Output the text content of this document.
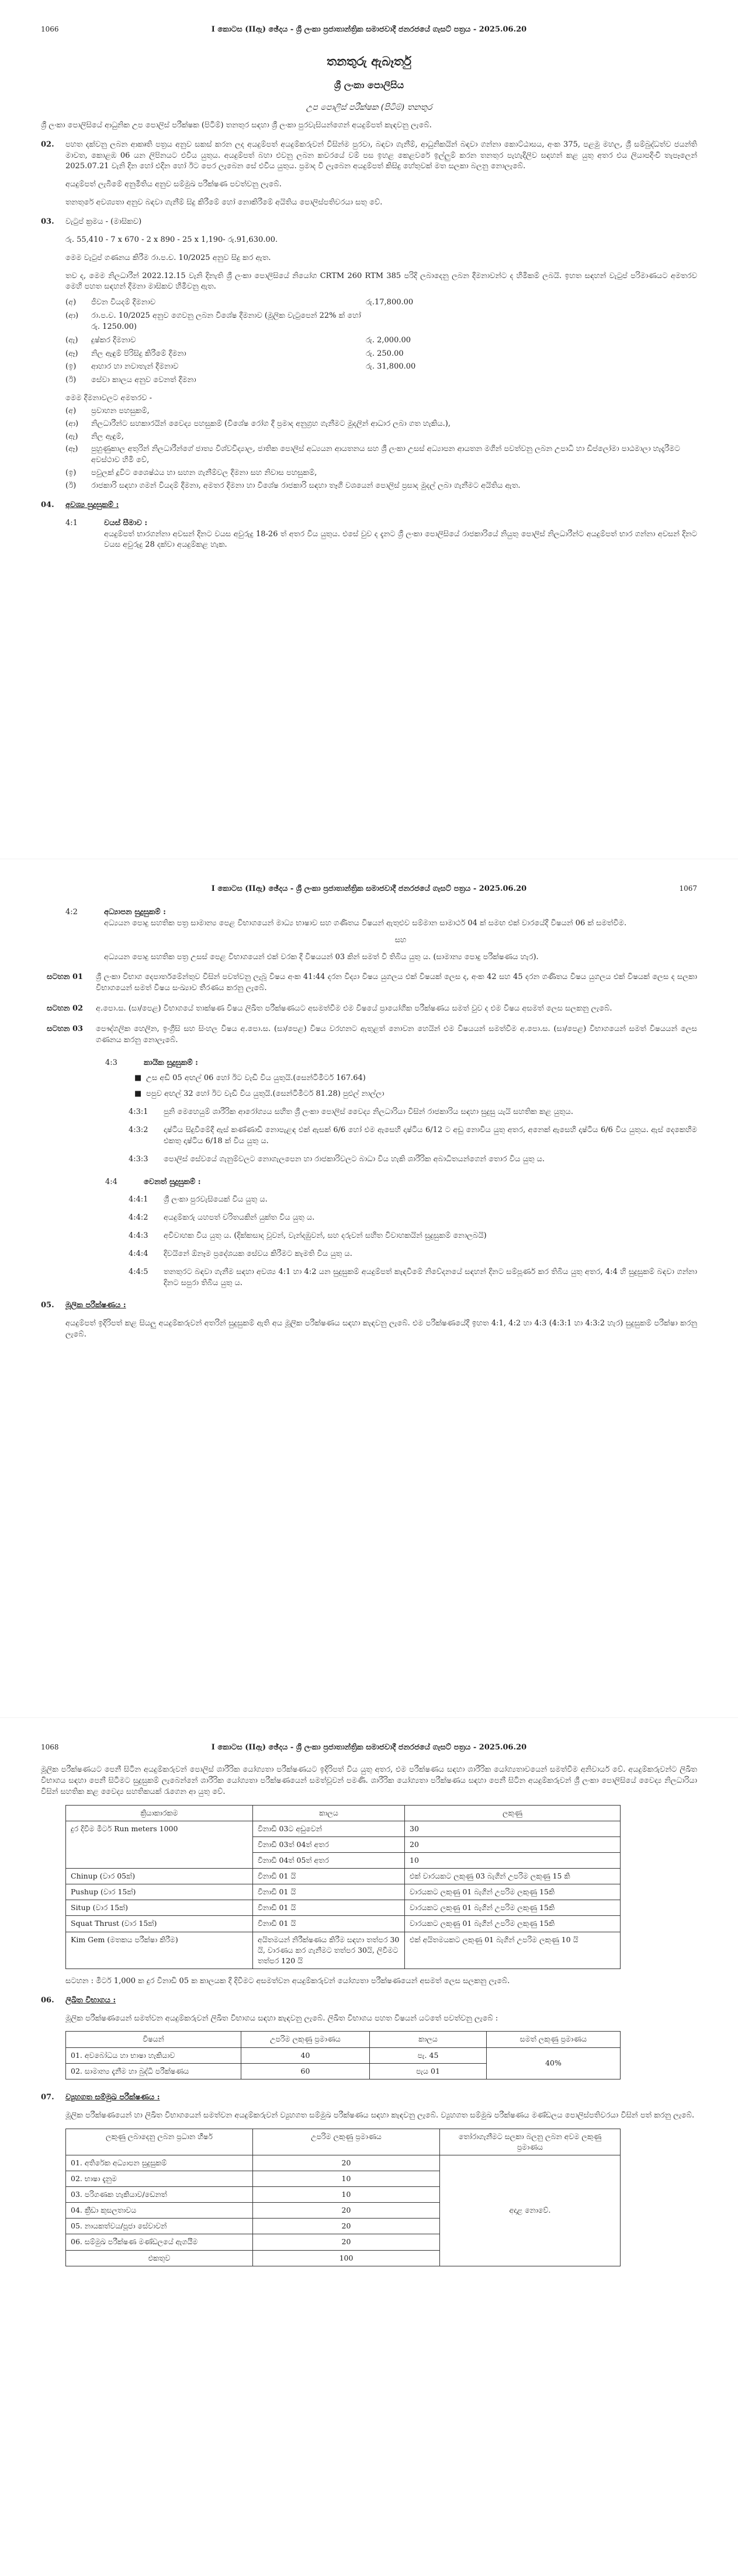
1066	I කොටස (IIඇ) ඡේදය - ශ්‍රී ලංකා ප්‍රජාතාන්ත්‍රික සමාජවාදී ජනරජයේ ගැසට් පත්‍රය - 2025.06.20
තනතුරු ඇබෑර්තු
ශ්‍රී ලංකා පොලිසිය
උප පොලිස් පරීක්ෂක (පිටිම්) තනතුර

ශ්‍රී ලංකා පොලිසියේ ආධුනික උප පොලිස් පරීක්ෂක (පිටිම්) තනතුර සඳහා ශ්‍රී ලංකා පුරවැසියන්ගෙන් අයදුම්පත් කැඳවනු ලැබේ.

02.	පහත දක්වනු ලබන ආකෘති පත්‍රය අනුව සකස් කරන ලද අයදුම්පත් අයදුම්කරුවන් විසින්ම පුරවා, බඳවා ගැනීම්, ආධුනිකයින් බඳවා ගන්නා කොට්ඨාසය, අංක 375, පළමු මහල, ශ්‍රී සම්බුද්ධත්ව ජයන්ති මාවත, කොළඹ 06 යන ලිපිනයට එවිය යුතුය. අයදුම්පත් බහා එවනු ලබන කවරයේ වම් පස ඉහළ කෙළවරේ ඉල්ලුම් කරන තනතුර පැහැදිලිව සඳහන් කළ යුතු අතර එය ලියාපදිංචි තැපෑලෙන් 2025.07.21 වැනි දින හෝ එදින හෝ ඊට පෙර ලැබෙන සේ එවිය යුතුය. ප්‍රමාද වී ලැබෙන අයදුම්පත් කිසිදු හේතුවක් මත සලකා බලනු නොලැබේ.

අයදුම්පත් ලැබීමේ අනුමිතිය අනුව සම්මුඛ පරීක්ෂණ පවත්වනු ලැබේ.

තනතුරේ අවශ්‍යතා අනුව බඳවා ගැනීම් සිදු කිරීමේ හෝ නොකිරීමේ අයිතිය පොලිස්පතිවරයා සතු වේ.

03.	වැටුප් ක්‍රමය - (මාසිකව)

රු. 55,410 - 7 x 670 - 2 x 890 - 25 x 1,190- රු.91,630.00.

මෙම වැටුප් ගණනය කිරීම රා.ප.ච. 10/2025 අනුව සිදු කර ඇත.

තව ද, මෙම නිලධාරීන් 2022.12.15 වැනි දිනැති ශ්‍රී ලංකා පොලිසියේ නියෝග CRTM 260 RTM 385 පරිදි ලබාදෙනු ලබන දීමනාවන්ට ද හිමිකම් ලබයි. ඉහත සඳහන් වැටුප් පරිමාණයට අමතරව මෙහි පහත සඳහන් දීමනා මාසිකව හිමිවනු ඇත.

(අ)	ජීවන වියදම් දීමනාව	රු.17,800.00
(ආ)	රා.ප.ච. 10/2025 අනුව ගෙවනු ලබන විශේෂ දීමනාව (මූලික වැටුපෙන් 22% ක් හෝ රු. 1250.00)
(ඇ)	දුෂ්කර දීමනාව	රු. 2,000.00
(ඈ)	නිල ඇඳුම් පිරිසිදු කිරීමේ දීමනා	රු. 250.00
(ඉ)	ආහාර හා නවාතැන් දීමනාව	රු. 31,800.00
(ඊ)	සේවා කාලය අනුව වෙනත් දීමනා

මෙම දීමනාවලට අමතරව -

(අ)	ප්‍රවාහන පහසුකම්,
(ආ)	නිලධාරීන්ට සහකාරයින් වෛද්‍ය පහසුකම් (විශේෂ රෝග දී ප්‍රමාද අනුග්‍රහ ගැනීමට මුදලින් ආධාර ලබා ගත හැකිය.),
(ඇ)	නිල ඇඳුම්,
(ඈ)	පුහුණුකාල අතුරින් නිලධාරීන්ගේ ජාත්‍ය විශ්වවිද්‍යාල, ජාතික පොලිස් අධ්‍යයන ආයතනය සහ ශ්‍රී ලංකා උසස් අධ්‍යාපන ආයතන මගින් පවත්වනු ලබන උපාධි හා ඩිප්ලෝමා පාඨමාලා හැදෑරීමට අවස්ථාව හිමි වේ,
(ඉ)	පවුලක් දූවිට ශෙ‍ෙෂ්ඨය හා සහන ගැනීම්වල දීමනා සහ නිවාස පහසුකම්,
(ඊ)	රාජකාරි සඳහා ගමන් වියදම් දීමනා, අමතර දීමනා හා විශේෂ රාජකාරි සඳහා තෑගි වශයෙන් පොලිස් ප්‍රසාද මුදල් ලබා ගැනීමට අයිතිය ඇත.
04.	අවශ්‍ය සුදුසුකම් :
4:1	වයස් සීමාව :
අයදුම්පත් භාරගන්නා අවසන් දිනට වයස අවුරුදු 18-26 ත් අතර විය යුතුය. එසේ වුව ද දැනට ශ්‍රී ලංකා පොලිසියේ රාජකාරියේ නියුතු පොලිස් නිලධාරීන්ට අයදුම්පත් භාර ගන්නා අවසන් දිනට වයස අවුරුදු 28 දක්වා අයදුම්කළ හැක.
I කොටස (IIඇ) ඡේදය - ශ්‍රී ලංකා ප්‍රජාතාන්ත්‍රික සමාජවාදී ජනරජයේ ගැසට් පත්‍රය - 2025.06.20	1067
4:2	අධ්‍යාපන සුදුසුකම් :
අධ්‍යයන පොදු සහතික පත්‍ර සාමාන්‍ය පෙළ විභාගයෙන් මාධ්‍ය භාෂාව සහ ගණිතය විෂයන් ඇතුළුව සම්මාන සාමාර්ථ 04 ක් සමඟ එක් වාරයේදී විෂයන් 06 ක් සමත්වීම.
සහ
අධ්‍යයන පොදු සහතික පත්‍ර උසස් පෙළ විභාගයෙන් එක් වරක දී විෂයයන් 03 කින් සමත් වී තිබිය යුතු ය. (සාමාන්‍ය පොදු පරීක්ෂණය හැර).
සටහන 01	ශ්‍රී ලංකා විභාග දෙපාර්තමේන්තුව විසින් පවත්වනු ලැබූ විෂය අංක 41:44 දරන විද්‍යා විෂය යුගලය එක් විෂයක් ලෙස ද, අංක 42 සහ 45 දරන ගණිතය විෂය යුගලය එක් විෂයක් ලෙස ද සලකා විභාගයෙන් සමත් විෂය සංඛ්‍යාව තීරණය කරනු ලැබේ.
සටහන 02	අ.පො.ස. (සා/පෙළ) විභාගයේ තාක්ෂණ විෂය ලිඛිත පරීක්ෂණයට අසමත්වීම එම විෂයේ ප්‍රායෝගික පරීක්ෂණය සමත් වුව ද එම විෂය අසමත් ලෙස සලකනු ලැබේ.
සටහන 03	පෞද්ගලික හෙලින, ඉංග්‍රීසි සහ සිංහල විෂය අ.පො.ස. (සා/පෙළ) විෂය වරහනට ඇතුළත් නොවන හෙයින් එම විෂයයන් සමත්වීම අ.පො.ස. (සා/පෙළ) විභාගයෙන් සමත් විෂයයන් ලෙස ගණනය කරනු නොලැබේ.
4:3	කායික සුදුසුකම් :
■ උස අඩි 05 අඟල් 06 හෝ ඊට වැඩි විය යුතුයි.(සෙන්ටිමීටර් 167.64)
■ පපුව අඟල් 32 හෝ ඊට වැඩි විය යුතුයි.(සෙන්ටිමීටර් 81.28) පුළුල් නාල්ලා
4:3:1	පුනි මෙහෙයුම් ශාරීරික ආරෝග්‍යය සහිත ශ්‍රී ලංකා පොලිස් වෛද්‍ය නිලධාරියා විසින් රාජකාරිය සඳහා සුදුසු යැයි සහතික කළ යුතුය.
4:3:2	දෘෂ්ටිය සිදුවීමේදී ඇස් කණ්ණාඩි නොපැළඳ එක් ඇසක් 6/6 හෝ එම ඇසෙහි දෘෂ්ටිය 6/12 ට අඩු නොවිය යුතු අතර, අනෙක් ඇසෙහි දෘෂ්ටිය 6/6 විය යුතුය. ඇස් දෙකෙහිම එකතු දෘෂ්ටිය 6/18 ක් විය යුතු ය.
4:3:3	පොලිස් සේවයේ ගැනුම්වලට නොගැලපෙන හා රාජකාරිවලට බාධා විය හැකි ශාරීරික අබාධිතයන්ගෙන් තොර විය යුතු ය.
4:4	වෙනත් සුදුසුකම් :
4:4:1	ශ්‍රී ලංකා පුරවැසියෙක් විය යුතු ය.
4:4:2	අයදුම්කරු යහපත් චරිතයකින් යුක්ත විය යුතු ය.
4:4:3	අවිවාහක විය යුතු ය. (දික්කසාද වූවන්, වැන්දඹුවන්, සහ දරුවන් සහිත විවාහකයින් සුදුසුකම් නොලබයි)
4:4:4	දිවයිනේ ඕනෑම ප්‍රදේශයක සේවය කිරීමට කැමති විය යුතු ය.
4:4:5	තනතුරට බඳවා ගැනීම සඳහා අවශ්‍ය 4:1 හා 4:2 යන සුදුසුකම් අයදුම්පත් කැඳවීමේ නිවේදනයේ සඳහන් දිනට සම්පූර්ණ කර තිබිය යුතු අතර, 4:4 හි සුදුසුකම් බඳවා ගන්නා දිනට සපුරා තිබිය යුතු ය.
05.	මූලික පරීක්ෂණය :

අයදුම්පත් ඉදිරිපත් කළ සියලු අයදුම්කරුවන් අතරින් සුදුසුකම් ඇති අය මූලික පරීක්ෂණය සඳහා කැඳවනු ලැබේ. එම පරීක්ෂණයේදී ඉහත 4:1, 4:2 හා 4:3 (4:3:1 හා 4:3:2 හැර) සුදුසුකම් පරීක්ෂා කරනු ලැබේ.

1068	I කොටස (IIඇ) ඡේදය - ශ්‍රී ලංකා ප්‍රජාතාන්ත්‍රික සමාජවාදී ජනරජයේ ගැසට් පත්‍රය - 2025.06.20

මූලික පරීක්ෂණයට පෙනී සිටින අයදුම්කරුවන් පොලිස් ශාරීරික යෝග්‍යතා පරීක්ෂණයට ඉදිරිපත් විය යුතු අතර, එම පරීක්ෂණය සඳහා ශාරීරික යෝග්‍යතාවයෙන් සමත්වීම අනිවාර්ය වේ. අයදුම්කරුවන්ට ලිඛිත විභාගය සඳහා පෙනී සිටීමට සුදුසුකම් ලැබෙන්නේ ශාරීරික යෝග්‍යතා පරීක්ෂණයෙන් සමත්වූවන් පමණි. ශාරීරික යෝග්‍යතා පරීක්ෂණය සඳහා පෙනී සිටින අයදුම්කරුවන් ශ්‍රී ලංකා පොලිසියේ වෛද්‍ය නිලධාරියා විසින් සහතික කළ වෛද්‍ය සහතිකයක් රැගෙන ආ යුතු වේ.

ක්‍රියාකාරකම	කාලය	ලකුණු
දුර දිවීම මීටර් Run meters 1000	විනාඩි 03ට අඩුවෙන්	30
	විනාඩි 03ත් 04ත් අතර	20
	විනාඩි 04ත් 05ත් අතර	10
Chinup (වාර 05ක්)	විනාඩි 01 යි	එක් වාරයකට ලකුණු 03 බැගින් උපරිම ලකුණු 15 කි
Pushup (වාර 15ක්)	විනාඩි 01 යි	වාරයකට ලකුණු 01 බැගින් උපරිම ලකුණු 15කි
Situp (වාර 15ක්)	විනාඩි 01 යි	වාරයකට ලකුණු 01 බැගින් උපරිම ලකුණු 15කි
Squat Thrust (වාර 15ක්)	විනාඩි 01 යි	වාරයකට ලකුණු 01 බැගින් උපරිම ලකුණු 15කි
Kim Gem (මතකය පරීක්ෂා කිරීම)	අයිතමයන් නිරීක්ෂණය කිරීම සඳහා තත්පර 30 යි, වාරණය කර ගැනීමට තත්පර 30යි, ලිවීමට තත්පර 120 යි	එක් අයිතමයකට ලකුණු 01 බැගින් උපරිම ලකුණු 10 යි

සටහන : මීටර් 1,000 ක දුර විනාඩි 05 ක කාලයක දී දිවීමට අසමත්වන අයදුම්කරුවන් යෝග්‍යතා පරීක්ෂණයෙන් අසමත් ලෙස සලකනු ලැබේ.

06.	ලිඛිත විභාගය :

මූලික පරීක්ෂණයෙන් සමත්වන අයදුම්කරුවන් ලිඛිත විභාගය සඳහා කැඳවනු ලැබේ. ලිඛිත විභාගය පහත විෂයන් යටතේ පවත්වනු ලැබේ :

විෂයන්	උපරිම ලකුණු ප්‍රමාණය	කාලය	සමත් ලකුණු ප්‍රමාණය
01. අවබෝධය හා භාෂා හැකියාව	40	පැ. 45	40%
02. සාමාන්‍ය දැනීම හා බුද්ධි පරීක්ෂණය	60	පැය 01	
07.	ව්‍යුහගත සම්මුඛ පරීක්ෂණය :

මූලික පරීක්ෂණයෙන් හා ලිඛිත විභාගයෙන් සමත්වන අයදුම්කරුවන් ව්‍යුහගත සම්මුඛ පරීක්ෂණය සඳහා කැඳවනු ලැබේ. ව්‍යුහගත සම්මුඛ පරීක්ෂණය මණ්ඩලය පොලිස්පතිවරයා විසින් පත් කරනු ලැබේ.

ලකුණු ලබාදෙනු ලබන ප්‍රධාන හීර්ෂ	උපරිම ලකුණු ප්‍රමාණය	තෝරාගැනීමට සලකා බලනු ලබන අවම ලකුණු ප්‍රමාණය
01. අතිරේක අධ්‍යාපන සුදුසුකම්	20	අදාළ නොවේ.
02. භාෂා දැනුම	10	
03. පරිගණක හැකියාව/ඩෙනත්	10	
04. ක්‍රීඩා කුසලතාවය	20	
05. නායකත්වය/පූජා සේවාවන්	20	
06. සම්මුඛ පරීක්ෂණ මණ්ඩලයේ ඇගයීම	20	
එකතුව	100	
